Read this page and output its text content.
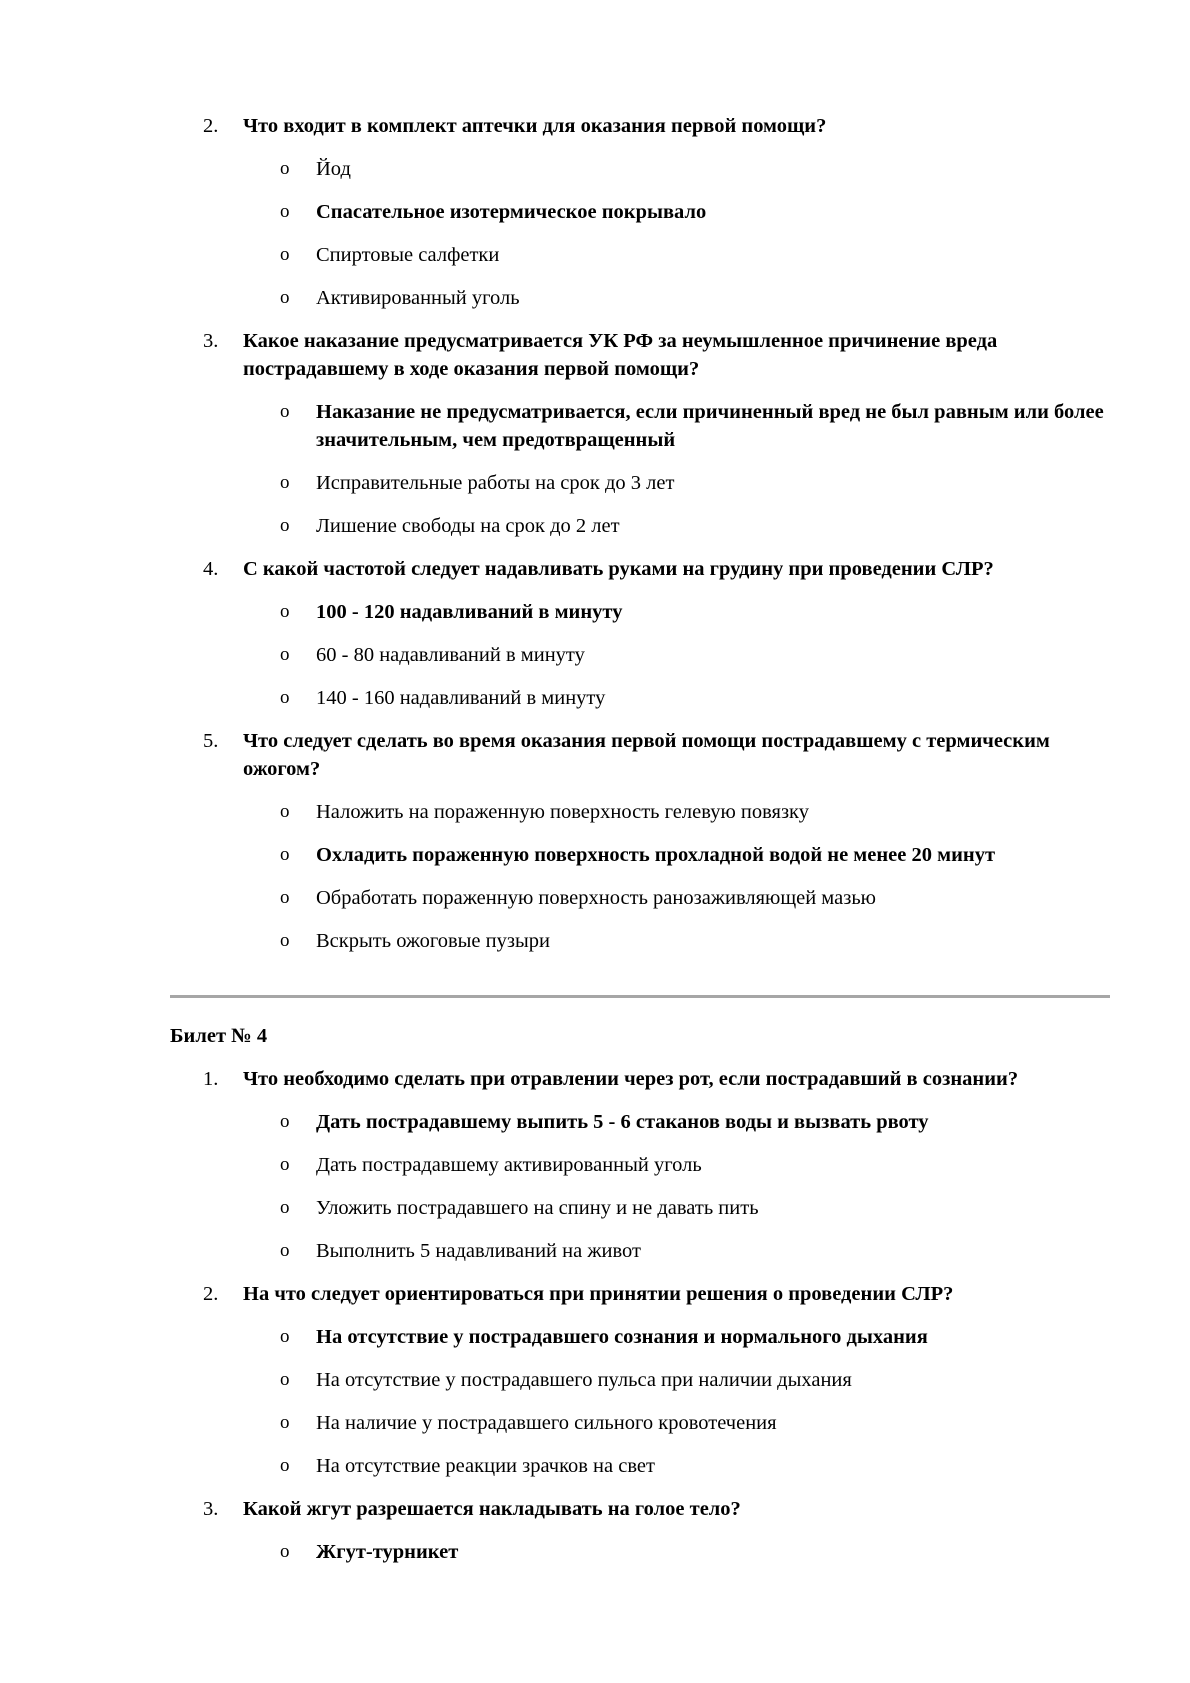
2. Что входит в комплект аптечки для оказания первой помощи?
o Йод
o Спасательное изотермическое покрывало
o Спиртовые салфетки
o Активированный уголь
3. Какое наказание предусматривается УК РФ за неумышленное причинение вреда пострадавшему в ходе оказания первой помощи?
o Наказание не предусматривается, если причиненный вред не был равным или более значительным, чем предотвращенный
o Исправительные работы на срок до 3 лет
o Лишение свободы на срок до 2 лет
4. С какой частотой следует надавливать руками на грудину при проведении СЛР?
o 100 - 120 надавливаний в минуту
o 60 - 80 надавливаний в минуту
o 140 - 160 надавливаний в минуту
5. Что следует сделать во время оказания первой помощи пострадавшему с термическим ожогом?
o Наложить на пораженную поверхность гелевую повязку
o Охладить пораженную поверхность прохладной водой не менее 20 минут
o Обработать пораженную поверхность ранозаживляющей мазью
o Вскрыть ожоговые пузыри
Билет № 4
1. Что необходимо сделать при отравлении через рот, если пострадавший в сознании?
o Дать пострадавшему выпить 5 - 6 стаканов воды и вызвать рвоту
o Дать пострадавшему активированный уголь
o Уложить пострадавшего на спину и не давать пить
o Выполнить 5 надавливаний на живот
2. На что следует ориентироваться при принятии решения о проведении СЛР?
o На отсутствие у пострадавшего сознания и нормального дыхания
o На отсутствие у пострадавшего пульса при наличии дыхания
o На наличие у пострадавшего сильного кровотечения
o На отсутствие реакции зрачков на свет
3. Какой жгут разрешается накладывать на голое тело?
o Жгут-турникет
